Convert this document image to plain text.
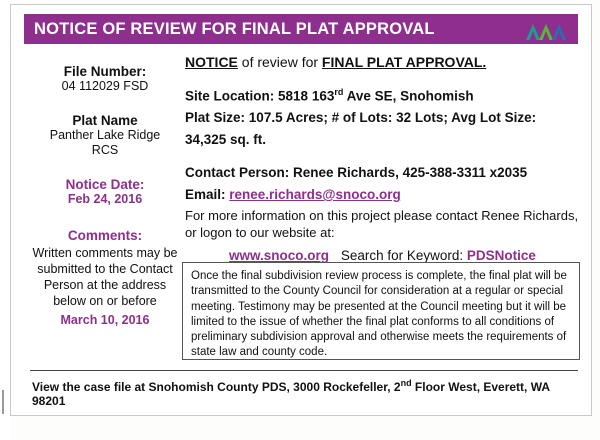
NOTICE OF REVIEW FOR FINAL PLAT APPROVAL
File Number:
04 112029 FSD
Plat Name
Panther Lake Ridge
RCS
Notice Date:
Feb 24, 2016
Comments:
Written comments may be submitted to the Contact Person at the address below on or before
March 10, 2016
NOTICE of review for FINAL PLAT APPROVAL.
Site Location: 5818 163rd Ave SE, Snohomish
Plat Size: 107.5 Acres; # of Lots: 32 Lots; Avg Lot Size:
34,325 sq. ft.
Contact Person: Renee Richards, 425-388-3311 x2035
Email: renee.richards@snoco.org
For more information on this project please contact Renee Richards, or logon to our website at:
www.snoco.org Search for Keyword: PDSNotice
Once the final subdivision review process is complete, the final plat will be transmitted to the County Council for consideration at a regular or special meeting. Testimony may be presented at the Council meeting but it will be limited to the issue of whether the final plat conforms to all conditions of preliminary subdivision approval and otherwise meets the requirements of state law and county code.
View the case file at Snohomish County PDS, 3000 Rockefeller, 2nd Floor West, Everett, WA 98201
